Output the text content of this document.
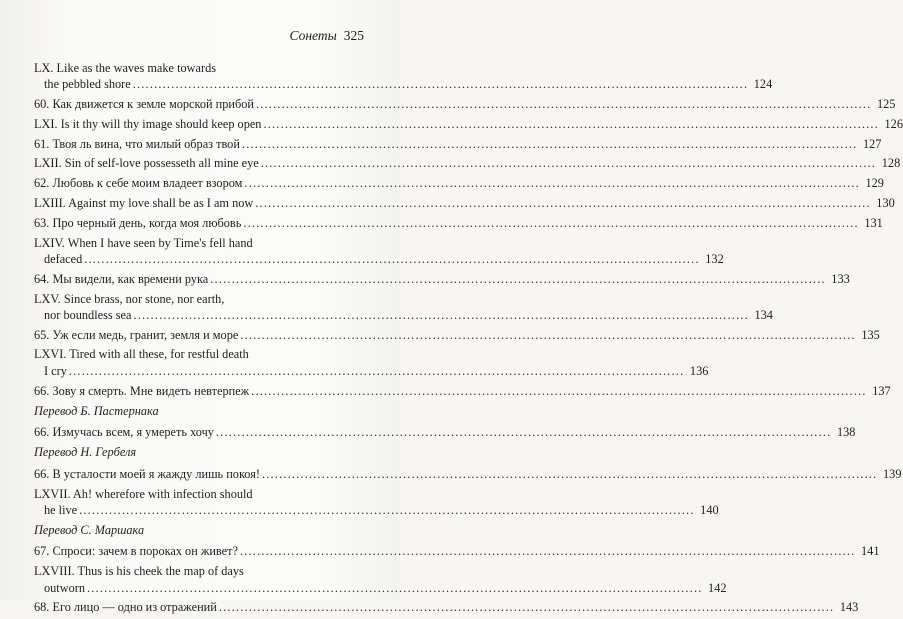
Сонеты 325
LX. Like as the waves make towards
the pebbled shore .....	124
60. Как движется к земле морской прибой .....	125
LXI. Is it thy will thy image should keep open .....	126
61. Твоя ль вина, что милый образ твой .....	127
LXII. Sin of self-love possesseth all mine eye .....	128
62. Любовь к себе моим владеет взором .....	129
LXIII. Against my love shall be as I am now .....	130
63. Про черный день, когда моя любовь .....	131
LXIV. When I have seen by Time's fell hand
defaced .....	132
64. Мы видели, как времени рука .....	133
LXV. Since brass, nor stone, nor earth,
nor boundless sea .....	134
65. Уж если медь, гранит, земля и море .....	135
LXVI. Tired with all these, for restful death
I cry .....	136
66. Зову я смерть. Мне видеть невтерпеж .....	137
Перевод Б. Пастернака
66. Измучась всем, я умереть хочу .....	138
Перевод Н. Гербеля
66. В усталости моей я жажду лишь покоя! .....	139
LXVII. Ah! wherefore with infection should
he live .....	140
Перевод С. Маршака
67. Спроси: зачем в пороках он живет? .....	141
LXVIII. Thus is his cheek the map of days
outworn .....	142
68. Его лицо — одно из отражений .....	143
